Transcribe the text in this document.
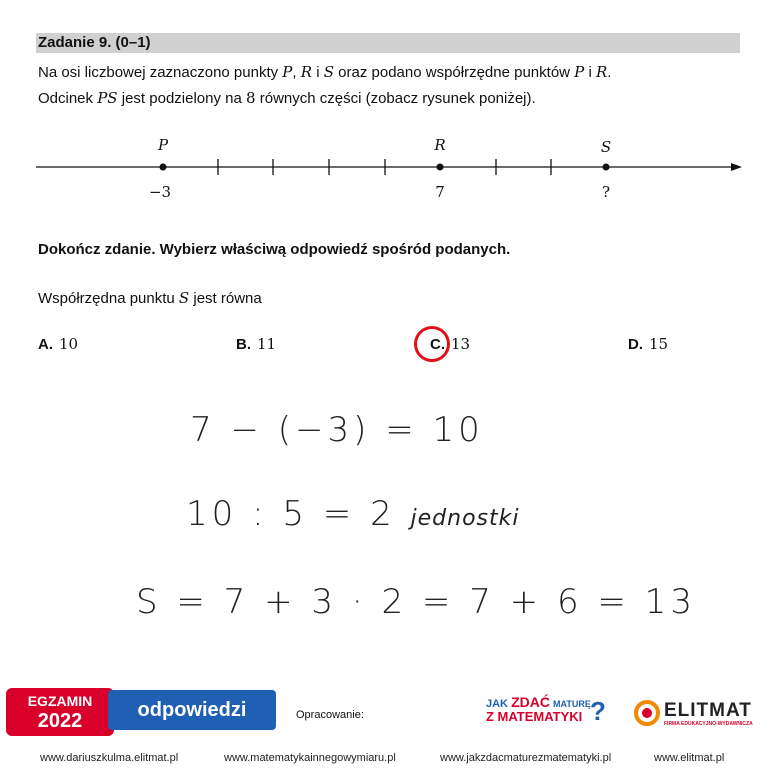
Zadanie 9. (0–1)
Na osi liczbowej zaznaczono punkty P, R i S oraz podano współrzędne punktów P i R.
Odcinek PS jest podzielony na 8 równych części (zobacz rysunek poniżej).
P	R	S
−3	7	?
Dokończ zdanie. Wybierz właściwą odpowiedź spośród podanych.
Współrzędna punktu S jest równa
A. 10	B. 11	C. 13	D. 15
7 − (−3) = 10
10 : 5 = 2 jednostki
S = 7 + 3 · 2 = 7 + 6 = 13
EGZAMIN
2022	odpowiedzi	Opracowanie:
JAK ZDAĆ MATURĘ
Z MATEMATYKI ?	ELITMAT
FIRMA EDUKACYJNO-WYDAWNICZA
www.dariuszkulma.elitmat.pl	www.matematykainnegowymiaru.pl	www.jakzdacmaturezmatematyki.pl	www.elitmat.pl
